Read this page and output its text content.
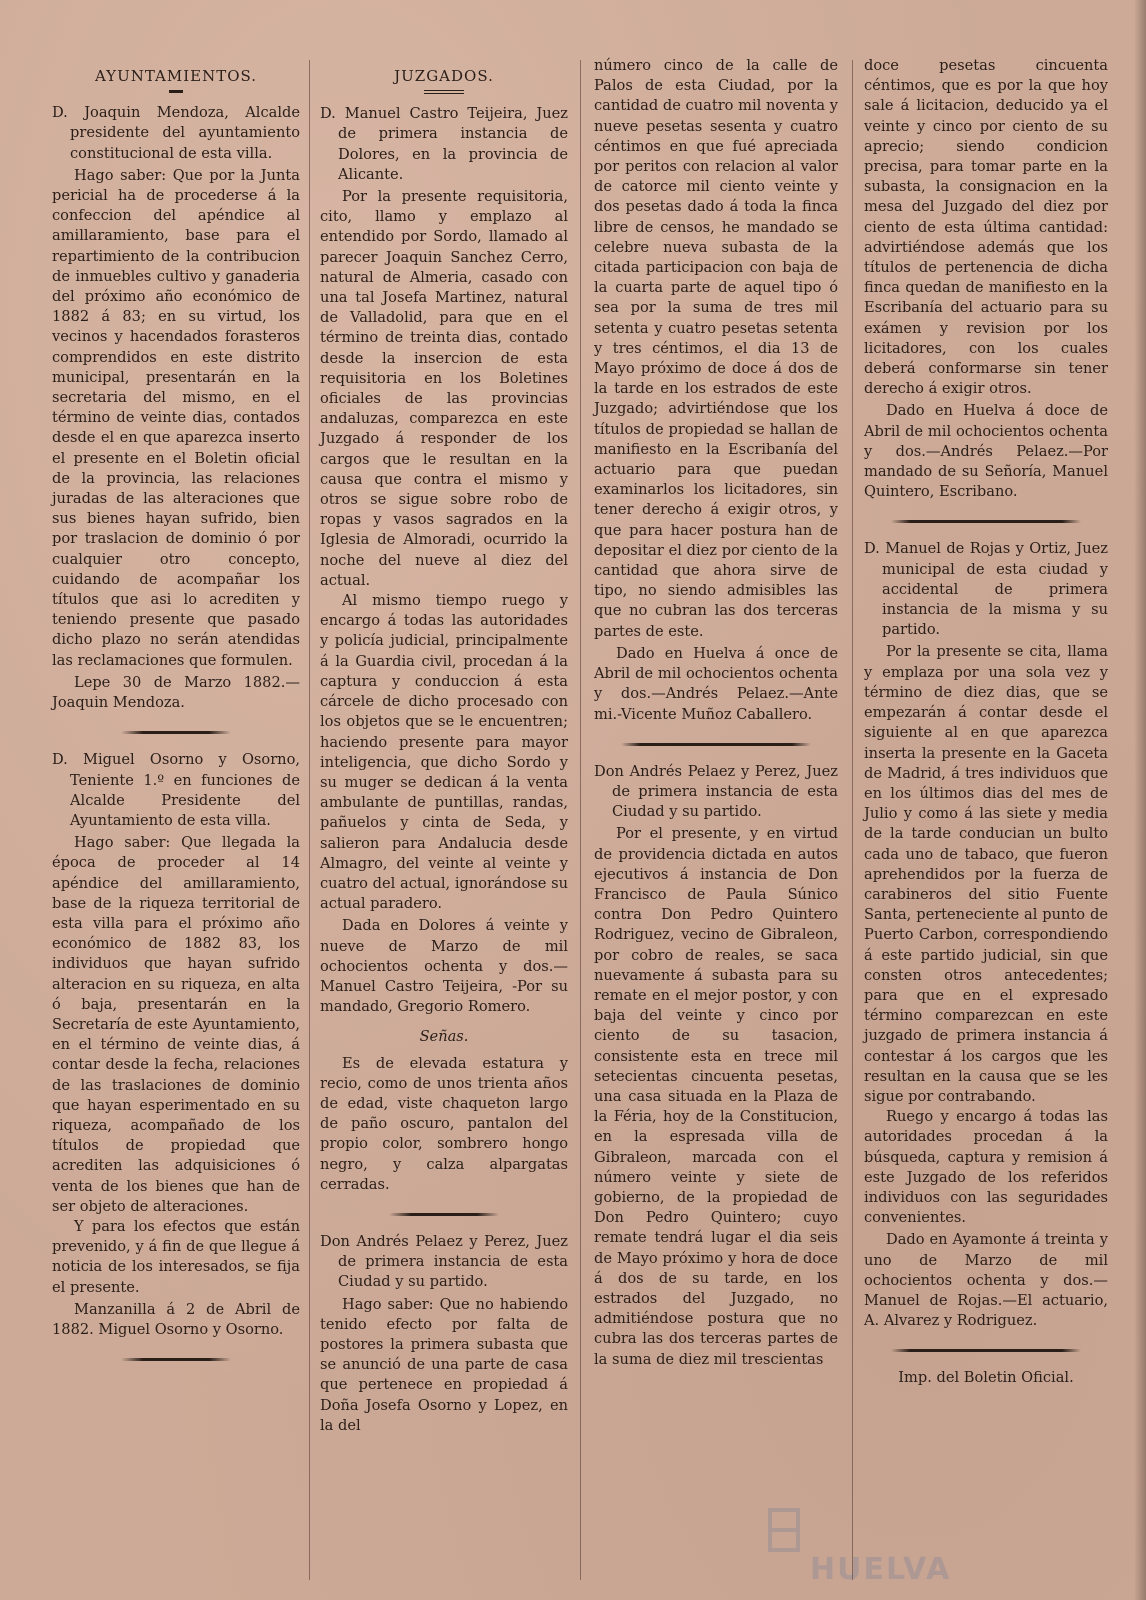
AYUNTAMIENTOS.

D. Joaquin Mendoza, Alcalde presidente del ayuntamiento constitucional de esta villa.

Hago saber: Que por la Junta pericial ha de procederse á la confeccion del apéndice al amillaramiento, base para el repartimiento de la contribucion de inmuebles cultivo y ganaderia del próximo año económico de 1882 á 83; en su virtud, los vecinos y hacendados forasteros comprendidos en este distrito municipal, presentarán en la secretaria del mismo, en el término de veinte dias, contados desde el en que aparezca inserto el presente en el Boletin oficial de la provincia, las relaciones juradas de las alteraciones que sus bienes hayan sufrido, bien por traslacion de dominio ó por cualquier otro concepto, cuidando de acompañar los títulos que asi lo acrediten y teniendo presente que pasado dicho plazo no serán atendidas las reclamaciones que formulen.

Lepe 30 de Marzo 1882.—Joaquin Mendoza.

D. Miguel Osorno y Osorno, Teniente 1.º en funciones de Alcalde Presidente del Ayuntamiento de esta villa.

Hago saber: Que llegada la época de proceder al 14 apéndice del amillaramiento, base de la riqueza territorial de esta villa para el próximo año económico de 1882 83, los individuos que hayan sufrido alteracion en su riqueza, en alta ó baja, presentarán en la Secretaría de este Ayuntamiento, en el término de veinte dias, á contar desde la fecha, relaciones de las traslaciones de dominio que hayan esperimentado en su riqueza, acompañado de los títulos de propiedad que acrediten las adquisiciones ó venta de los bienes que han de ser objeto de alteraciones.

Y para los efectos que están prevenido, y á fin de que llegue á noticia de los interesados, se fija el presente.

Manzanilla á 2 de Abril de 1882. Miguel Osorno y Osorno.

JUZGADOS.

D. Manuel Castro Teijeira, Juez de primera instancia de Dolores, en la provincia de Alicante.

Por la presente requisitoria, cito, llamo y emplazo al entendido por Sordo, llamado al parecer Joaquin Sanchez Cerro, natural de Almeria, casado con una tal Josefa Martinez, natural de Valladolid, para que en el término de treinta dias, contado desde la insercion de esta requisitoria en los Boletines oficiales de las provincias andaluzas, comparezca en este Juzgado á responder de los cargos que le resultan en la causa que contra el mismo y otros se sigue sobre robo de ropas y vasos sagrados en la Iglesia de Almoradi, ocurrido la noche del nueve al diez del actual.

Al mismo tiempo ruego y encargo á todas las autoridades y policía judicial, principalmente á la Guardia civil, procedan á la captura y conduccion á esta cárcele de dicho procesado con los objetos que se le encuentren; haciendo presente para mayor inteligencia, que dicho Sordo y su muger se dedican á la venta ambulante de puntillas, randas, pañuelos y cinta de Seda, y salieron para Andalucia desde Almagro, del veinte al veinte y cuatro del actual, ignorándose su actual paradero.

Dada en Dolores á veinte y nueve de Marzo de mil ochocientos ochenta y dos.—Manuel Castro Teijeira, -Por su mandado, Gregorio Romero.

Señas.

Es de elevada estatura y recio, como de unos trienta años de edad, viste chaqueton largo de paño oscuro, pantalon del propio color, sombrero hongo negro, y calza alpargatas cerradas.

Don Andrés Pelaez y Perez, Juez de primera instancia de esta Ciudad y su partido.

Hago saber: Que no habiendo tenido efecto por falta de postores la primera subasta que se anunció de una parte de casa que pertenece en propiedad á Doña Josefa Osorno y Lopez, en la del

número cinco de la calle de Palos de esta Ciudad, por la cantidad de cuatro mil noventa y nueve pesetas sesenta y cuatro céntimos en que fué apreciada por peritos con relacion al valor de catorce mil ciento veinte y dos pesetas dado á toda la finca libre de censos, he mandado se celebre nueva subasta de la citada participacion con baja de la cuarta parte de aquel tipo ó sea por la suma de tres mil setenta y cuatro pesetas setenta y tres céntimos, el dia 13 de Mayo próximo de doce á dos de la tarde en los estrados de este Juzgado; advirtiéndose que los títulos de propiedad se hallan de manifiesto en la Escribanía del actuario para que puedan examinarlos los licitadores, sin tener derecho á exigir otros, y que para hacer postura han de depositar el diez por ciento de la cantidad que ahora sirve de tipo, no siendo admisibles las que no cubran las dos terceras partes de este.

Dado en Huelva á once de Abril de mil ochocientos ochenta y dos.—Andrés Pelaez.—Ante mi.-Vicente Muñoz Caballero.

Don Andrés Pelaez y Perez, Juez de primera instancia de esta Ciudad y su partido.

Por el presente, y en virtud de providencia dictada en autos ejecutivos á instancia de Don Francisco de Paula Súnico contra Don Pedro Quintero Rodriguez, vecino de Gibraleon, por cobro de reales, se saca nuevamente á subasta para su remate en el mejor postor, y con baja del veinte y cinco por ciento de su tasacion, consistente esta en trece mil setecientas cincuenta pesetas, una casa situada en la Plaza de la Féria, hoy de la Constitucion, en la espresada villa de Gibraleon, marcada con el número veinte y siete de gobierno, de la propiedad de Don Pedro Quintero; cuyo remate tendrá lugar el dia seis de Mayo próximo y hora de doce á dos de su tarde, en los estrados del Juzgado, no admitiéndose postura que no cubra las dos terceras partes de la suma de diez mil trescientas

doce pesetas cincuenta céntimos, que es por la que hoy sale á licitacion, deducido ya el veinte y cinco por ciento de su aprecio; siendo condicion precisa, para tomar parte en la subasta, la consignacion en la mesa del Juzgado del diez por ciento de esta última cantidad: advirtiéndose además que los títulos de pertenencia de dicha finca quedan de manifiesto en la Escribanía del actuario para su exámen y revision por los licitadores, con los cuales deberá conformarse sin tener derecho á exigir otros.

Dado en Huelva á doce de Abril de mil ochocientos ochenta y dos.—Andrés Pelaez.—Por mandado de su Señoría, Manuel Quintero, Escribano.

D. Manuel de Rojas y Ortiz, Juez municipal de esta ciudad y accidental de primera instancia de la misma y su partido.

Por la presente se cita, llama y emplaza por una sola vez y término de diez dias, que se empezarán á contar desde el siguiente al en que aparezca inserta la presente en la Gaceta de Madrid, á tres individuos que en los últimos dias del mes de Julio y como á las siete y media de la tarde conducian un bulto cada uno de tabaco, que fueron aprehendidos por la fuerza de carabineros del sitio Fuente Santa, perteneciente al punto de Puerto Carbon, correspondiendo á este partido judicial, sin que consten otros antecedentes; para que en el expresado término comparezcan en este juzgado de primera instancia á contestar á los cargos que les resultan en la causa que se les sigue por contrabando.

Ruego y encargo á todas las autoridades procedan á la búsqueda, captura y remision á este Juzgado de los referidos individuos con las seguridades convenientes.

Dado en Ayamonte á treinta y uno de Marzo de mil ochocientos ochenta y dos.—Manuel de Rojas.—El actuario, A. Alvarez y Rodriguez.

Imp. del Boletin Oficial.

HUELVA
